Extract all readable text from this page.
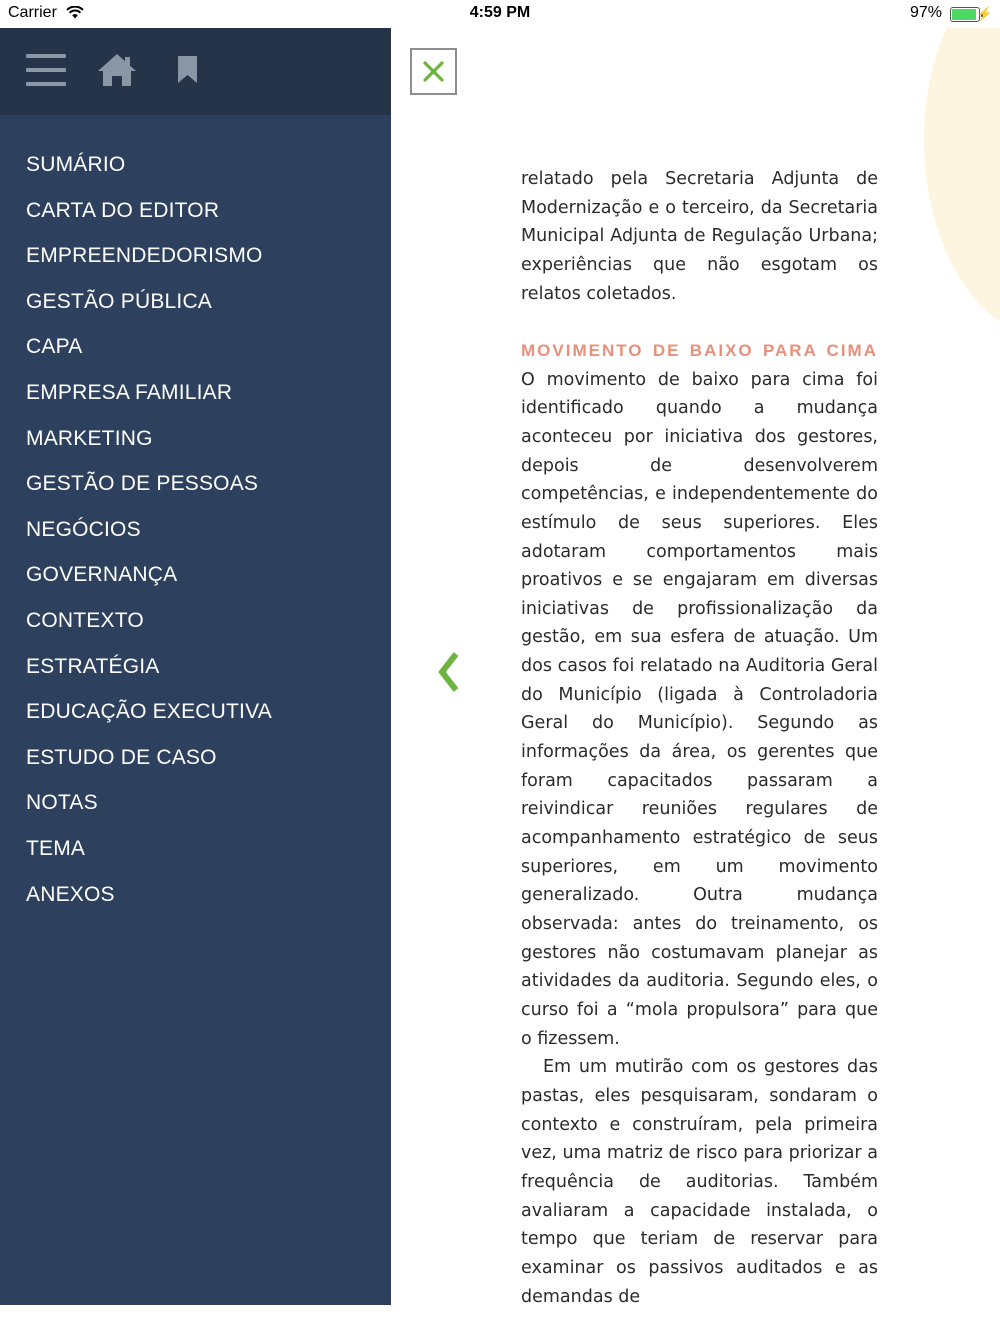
Carrier	4:59 PM	97%	⚡
SUMÁRIO
CARTA DO EDITOR
EMPREENDEDORISMO
GESTÃO PÚBLICA
CAPA
EMPRESA FAMILIAR
MARKETING
GESTÃO DE PESSOAS
NEGÓCIOS
GOVERNANÇA
CONTEXTO
ESTRATÉGIA
EDUCAÇÃO EXECUTIVA
ESTUDO DE CASO
NOTAS
TEMA
ANEXOS

relatado pela Secretaria Adjunta de Modernização e o terceiro, da Secretaria Municipal Adjunta de Regulação Urbana; experiências que não esgotam os relatos coletados.

MOVIMENTO DE BAIXO PARA CIMA O movimento de baixo para cima foi identificado quando a mudança aconteceu por iniciativa dos gestores, depois de desenvolverem competências, e independentemente do estímulo de seus superiores. Eles adotaram comportamentos mais proativos e se engajaram em diversas iniciativas de profissionalização da gestão, em sua esfera de atuação. Um dos casos foi relatado na Auditoria Geral do Município (ligada à Controladoria Geral do Município). Segundo as informações da área, os gerentes que foram capacitados passaram a reivindicar reuniões regulares de acompanhamento estratégico de seus superiores, em um movimento generalizado. Outra mudança observada: antes do treinamento, os gestores não costumavam planejar as atividades da auditoria. Segundo eles, o curso foi a “mola propulsora” para que o fizessem.

Em um mutirão com os gestores das pastas, eles pesquisaram, sondaram o contexto e construíram, pela primeira vez, uma matriz de risco para priorizar a frequência de auditorias. Também avaliaram a capacidade instalada, o tempo que teriam de reservar para examinar os passivos auditados e as demandas de
